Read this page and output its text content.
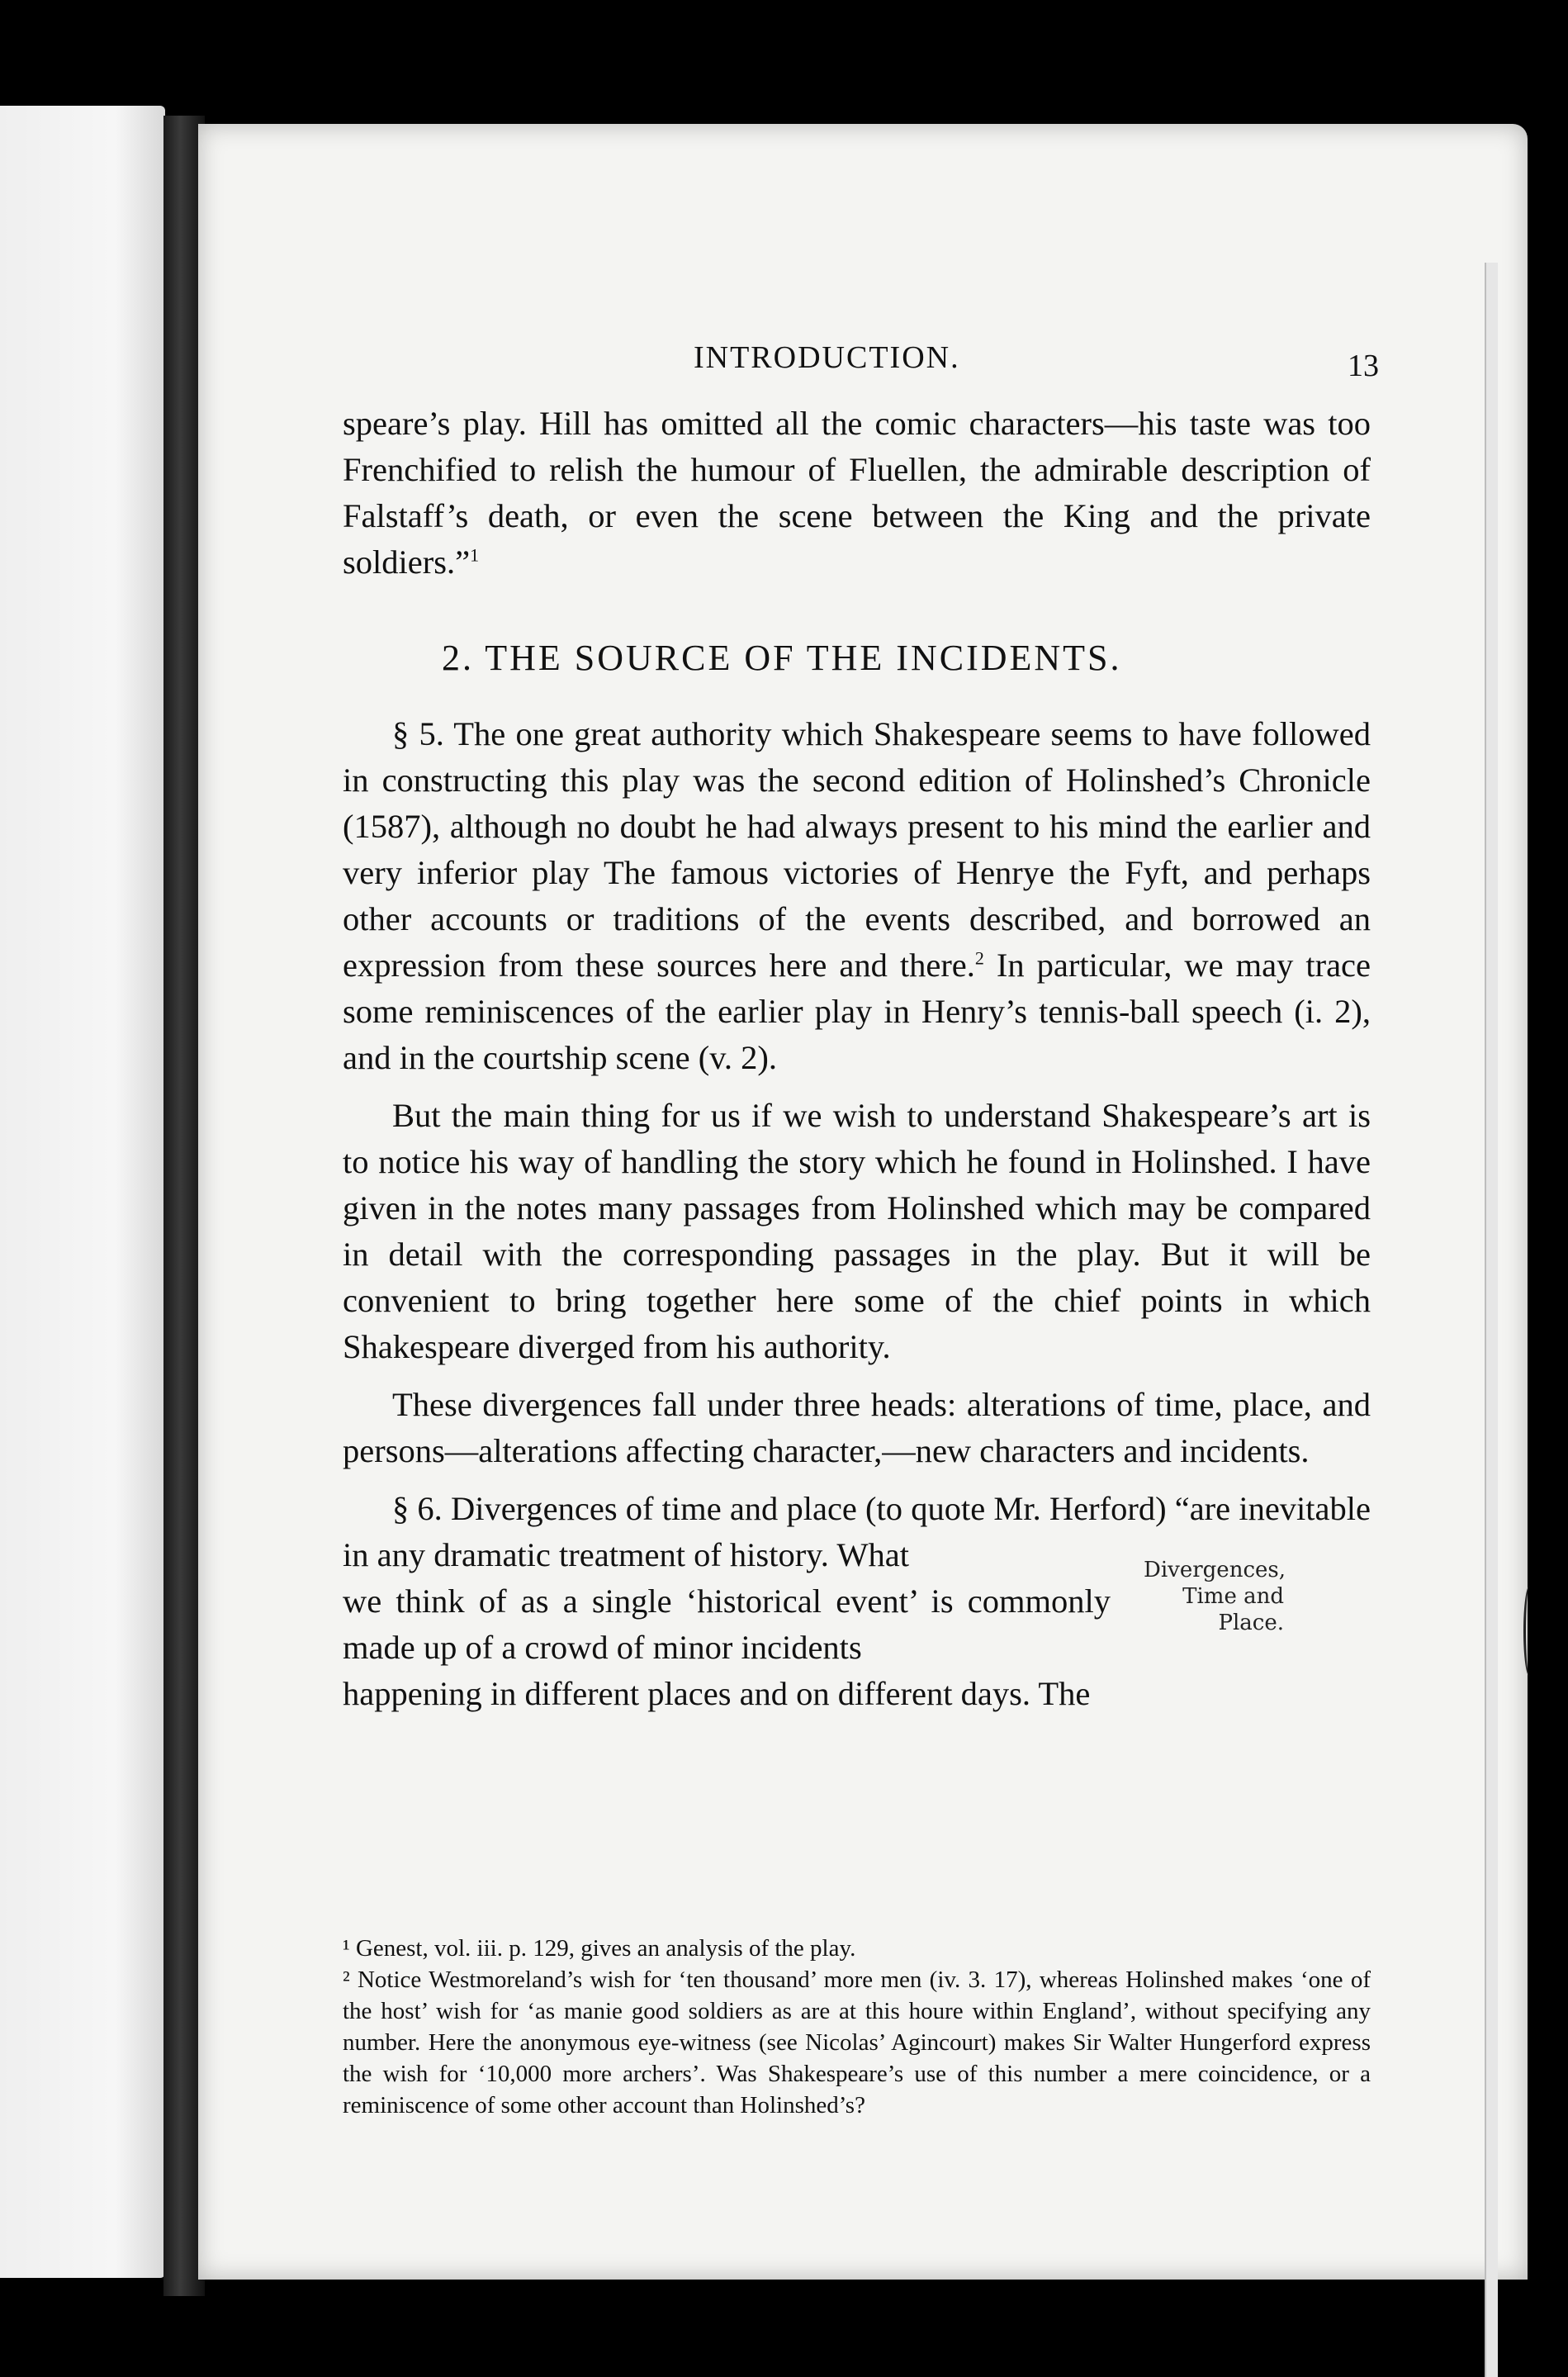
INTRODUCTION.	13

speare’s play. Hill has omitted all the comic characters—his taste was too Frenchified to relish the humour of Fluellen, the admirable description of Falstaff’s death, or even the scene between the King and the private soldiers.”$^1$

2. THE SOURCE OF THE INCIDENTS.

§ 5. The one great authority which Shakespeare seems to have followed in constructing this play was the second edition of Holinshed’s Chronicle (1587), although no doubt he had always present to his mind the earlier and very inferior play The famous victories of Henrye the Fyft, and perhaps other accounts or traditions of the events described, and borrowed an expression from these sources here and there.$^2$ In particular, we may trace some reminiscences of the earlier play in Henry’s tennis-ball speech (i. 2), and in the courtship scene (v. 2).

But the main thing for us if we wish to understand Shakespeare’s art is to notice his way of handling the story which he found in Holinshed. I have given in the notes many passages from Holinshed which may be compared in detail with the corresponding passages in the play. But it will be convenient to bring together here some of the chief points in which Shakespeare diverged from his authority.

These divergences fall under three heads: alterations of time, place, and persons—alterations affecting character,—new characters and incidents.

§ 6. Divergences of time and place (to quote Mr. Herford) “are inevitable in any dramatic treatment of history. What

we think of as a single ‘historical event’ is commonly made up of a crowd of minor incidents

happening in different places and on different days. The

Divergences, Time and Place.

¹ Genest, vol. iii. p. 129, gives an analysis of the play.

² Notice Westmoreland’s wish for ‘ten thousand’ more men (iv. 3. 17), whereas Holinshed makes ‘one of the host’ wish for ‘as manie good soldiers as are at this houre within England’, without specifying any number. Here the anonymous eye-witness (see Nicolas’ Agincourt) makes Sir Walter Hungerford express the wish for ‘10,000 more archers’. Was Shakespeare’s use of this number a mere coincidence, or a reminiscence of some other account than Holinshed’s?
